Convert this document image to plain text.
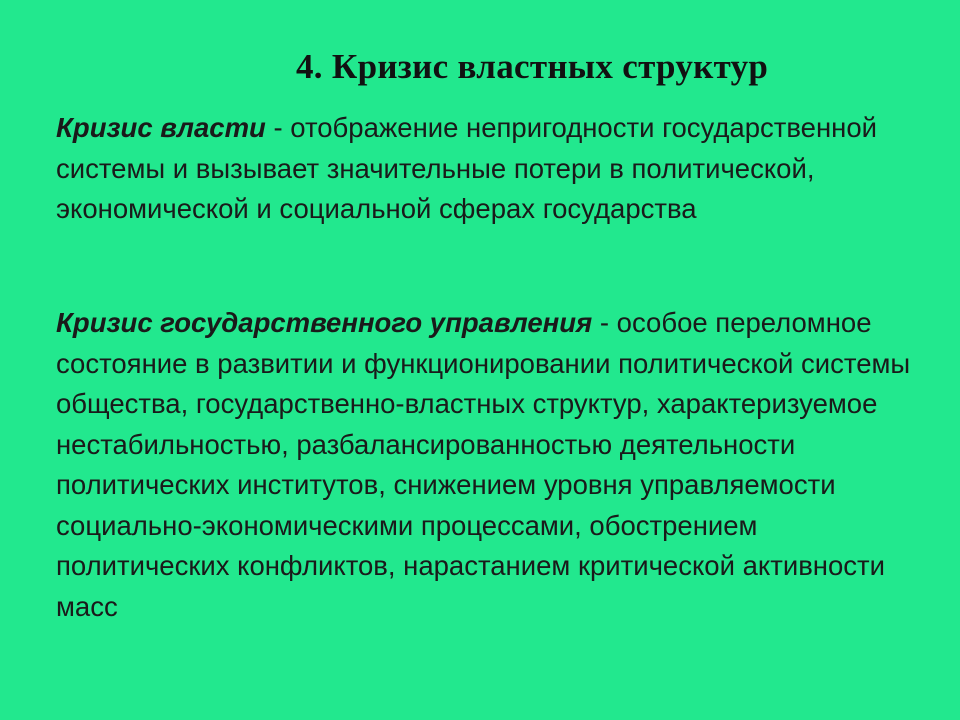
4. Кризис властных структур

Кризис власти - отображение непригодности государственной системы и вызывает значительные потери в политической, экономической и социальной сферах государства

Кризис государственного управления - особое переломное состояние в развитии и функционировании политической системы общества, государственно-властных структур, характеризуемое нестабильностью, разбалансированностью деятельности политических институтов, снижением уровня управляемости социально-экономическими процессами, обострением политических конфликтов, нарастанием критической активности масс
